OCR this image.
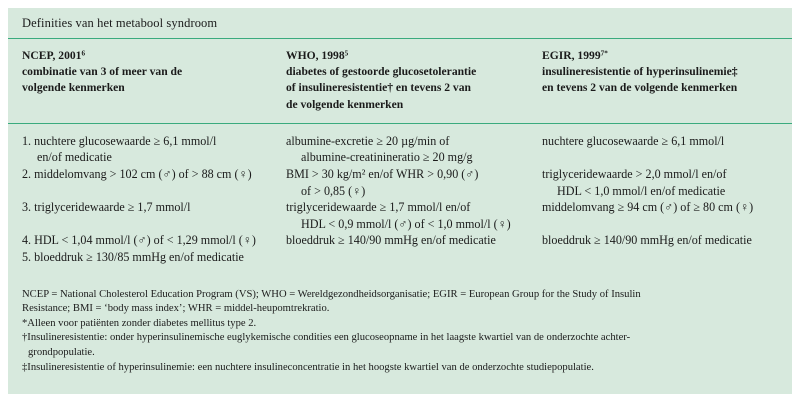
Definities van het metabool syndroom
NCEP, 2001$^6$
combinatie van 3 of meer van de
volgende kenmerken
WHO, 1998$^5$
diabetes of gestoorde glucosetolerantie
of insulineresistentie† en tevens 2 van
de volgende kenmerken
EGIR, $1999^{7*}$
insulineresistentie of hyperinsulinemie‡
en tevens 2 van de volgende kenmerken
1. nuchtere glucosewaarde ≥ 6,1 mmol/l
en/of medicatie
2. middelomvang > 102 cm (♂) of > 88 cm (♀)

3. triglyceridewaarde ≥ 1,7 mmol/l

4. HDL < 1,04 mmol/l (♂) of < 1,29 mmol/l (♀)
5. bloeddruk ≥ 130/85 mmHg en/of medicatie
albumine-excretie ≥ 20 µg/min of
albumine-creatinineratio ≥ 20 mg/g
BMI > 30 kg/m² en/of WHR > 0,90 (♂)
of > 0,85 (♀)
triglyceridewaarde ≥ 1,7 mmol/l en/of
HDL < 0,9 mmol/l (♂) of < 1,0 mmol/l (♀)
bloeddruk ≥ 140/90 mmHg en/of medicatie
nuchtere glucosewaarde ≥ 6,1 mmol/l

triglyceridewaarde > 2,0 mmol/l en/of
HDL < 1,0 mmol/l en/of medicatie
middelomvang ≥ 94 cm (♂) of ≥ 80 cm (♀)

bloeddruk ≥ 140/90 mmHg en/of medicatie
NCEP = National Cholesterol Education Program (VS); WHO = Wereldgezondheidsorganisatie; EGIR = European Group for the Study of Insulin
Resistance; BMI = ‘body mass index’; WHR = middel-heupomtrekratio.
*Alleen voor patiënten zonder diabetes mellitus type 2.
†Insulineresistentie: onder hyperinsulinemische euglykemische condities een glucoseopname in het laagste kwartiel van de onderzochte achter-
grondpopulatie.
‡Insulineresistentie of hyperinsulinemie: een nuchtere insulineconcentratie in het hoogste kwartiel van de onderzochte studiepopulatie.
